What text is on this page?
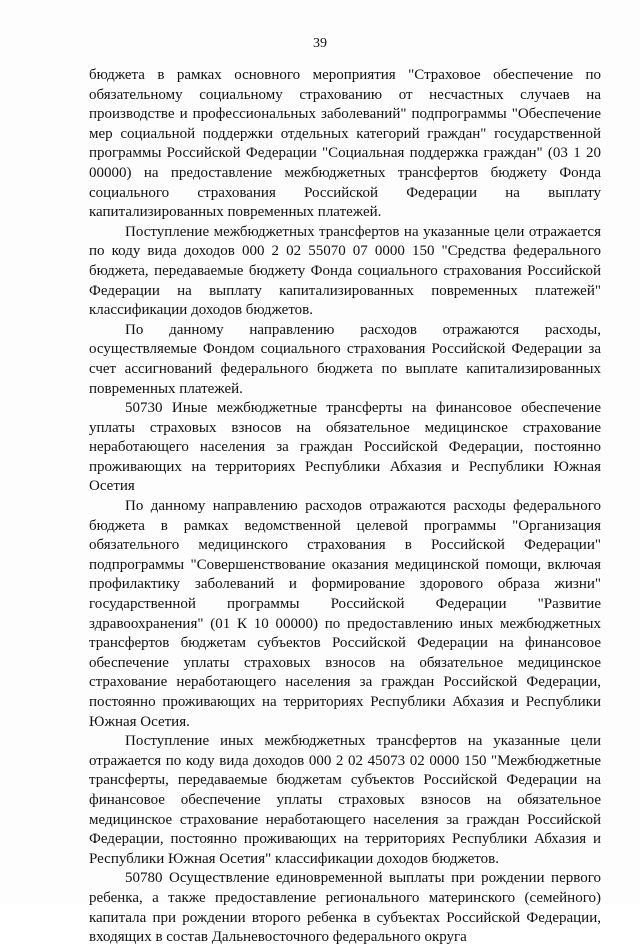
39

бюджета в рамках основного мероприятия "Страховое обеспечение по обязательному социальному страхованию от несчастных случаев на производстве и профессиональных заболеваний" подпрограммы "Обеспечение мер социальной поддержки отдельных категорий граждан" государственной программы Российской Федерации "Социальная поддержка граждан" (03 1 20 00000) на предоставление межбюджетных трансфертов бюджету Фонда социального страхования Российской Федерации на выплату капитализированных повременных платежей.

Поступление межбюджетных трансфертов на указанные цели отражается по коду вида доходов 000 2 02 55070 07 0000 150 "Средства федерального бюджета, передаваемые бюджету Фонда социального страхования Российской Федерации на выплату капитализированных повременных платежей" классификации доходов бюджетов.

По данному направлению расходов отражаются расходы, осуществляемые Фондом социального страхования Российской Федерации за счет ассигнований федерального бюджета по выплате капитализированных повременных платежей.

50730 Иные межбюджетные трансферты на финансовое обеспечение уплаты страховых взносов на обязательное медицинское страхование неработающего населения за граждан Российской Федерации, постоянно проживающих на территориях Республики Абхазия и Республики Южная Осетия

По данному направлению расходов отражаются расходы федерального бюджета в рамках ведомственной целевой программы "Организация обязательного медицинского страхования в Российской Федерации" подпрограммы "Совершенствование оказания медицинской помощи, включая профилактику заболеваний и формирование здорового образа жизни" государственной программы Российской Федерации "Развитие здравоохранения" (01 К 10 00000) по предоставлению иных межбюджетных трансфертов бюджетам субъектов Российской Федерации на финансовое обеспечение уплаты страховых взносов на обязательное медицинское страхование неработающего населения за граждан Российской Федерации, постоянно проживающих на территориях Республики Абхазия и Республики Южная Осетия.

Поступление иных межбюджетных трансфертов на указанные цели отражается по коду вида доходов 000 2 02 45073 02 0000 150 "Межбюджетные трансферты, передаваемые бюджетам субъектов Российской Федерации на финансовое обеспечение уплаты страховых взносов на обязательное медицинское страхование неработающего населения за граждан Российской Федерации, постоянно проживающих на территориях Республики Абхазия и Республики Южная Осетия" классификации доходов бюджетов.

50780 Осуществление единовременной выплаты при рождении первого ребенка, а также предоставление регионального материнского (семейного) капитала при рождении второго ребенка в субъектах Российской Федерации, входящих в состав Дальневосточного федерального округа
